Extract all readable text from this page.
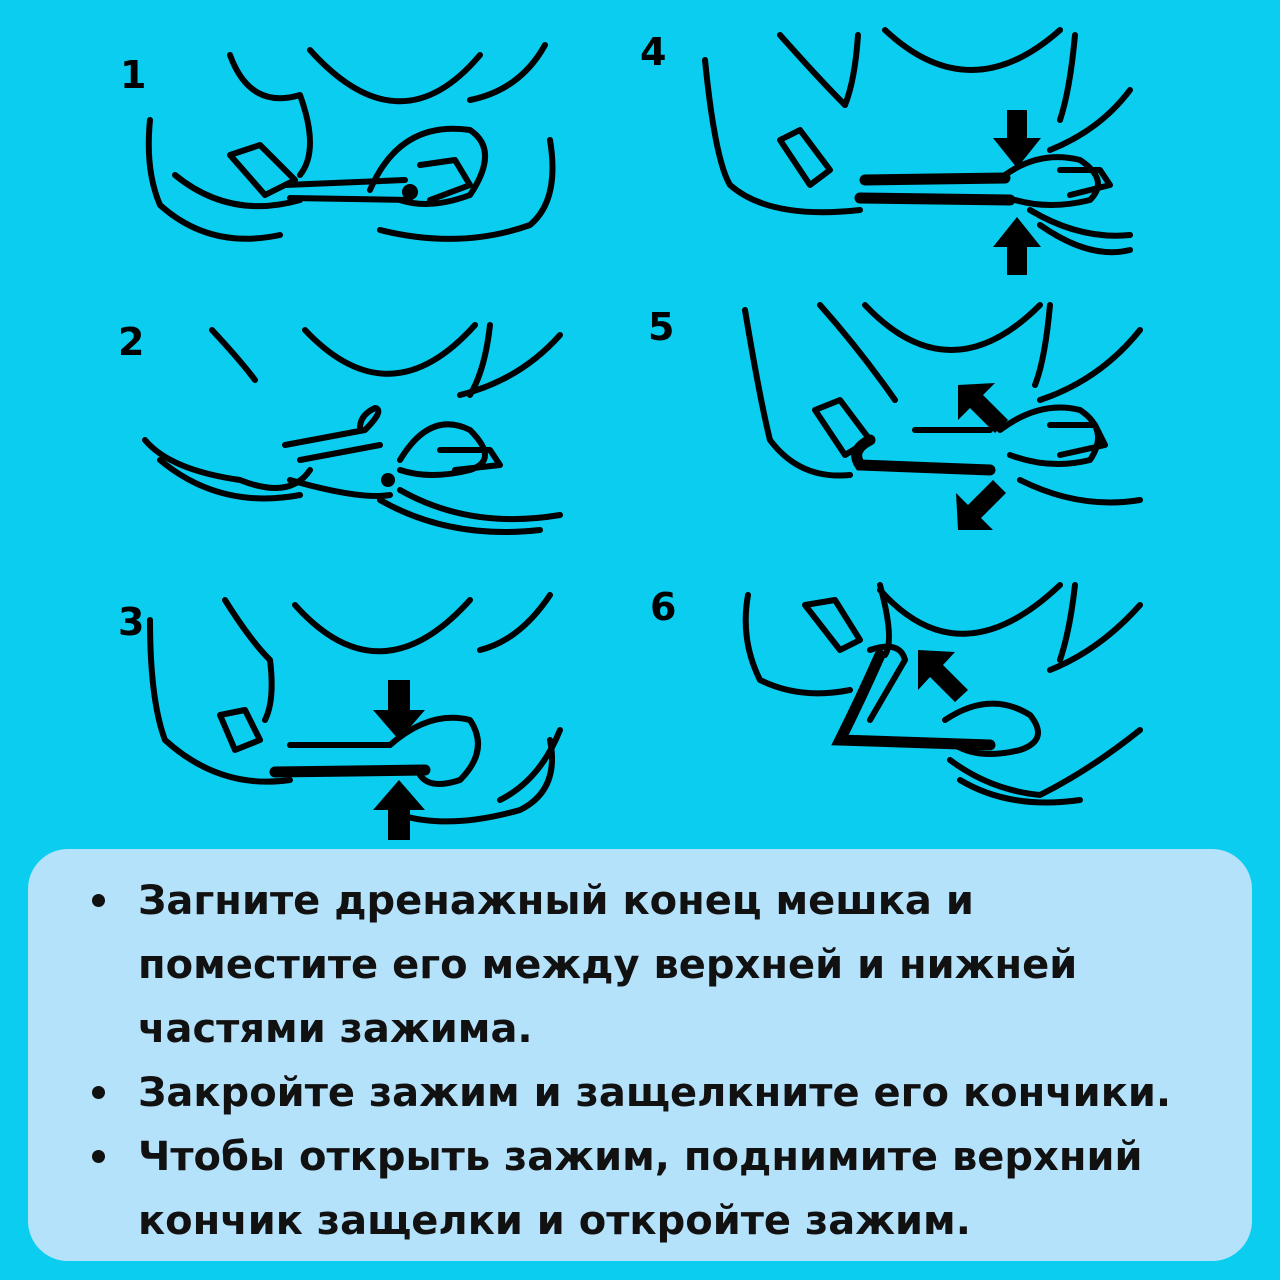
1
2
3
4
5
6
Загните дренажный конец мешка и поместите его между верхней и нижней частями зажима.
Закройте зажим и защелкните его кончики.
Чтобы открыть зажим, поднимите верхний кончик защелки и откройте зажим.
